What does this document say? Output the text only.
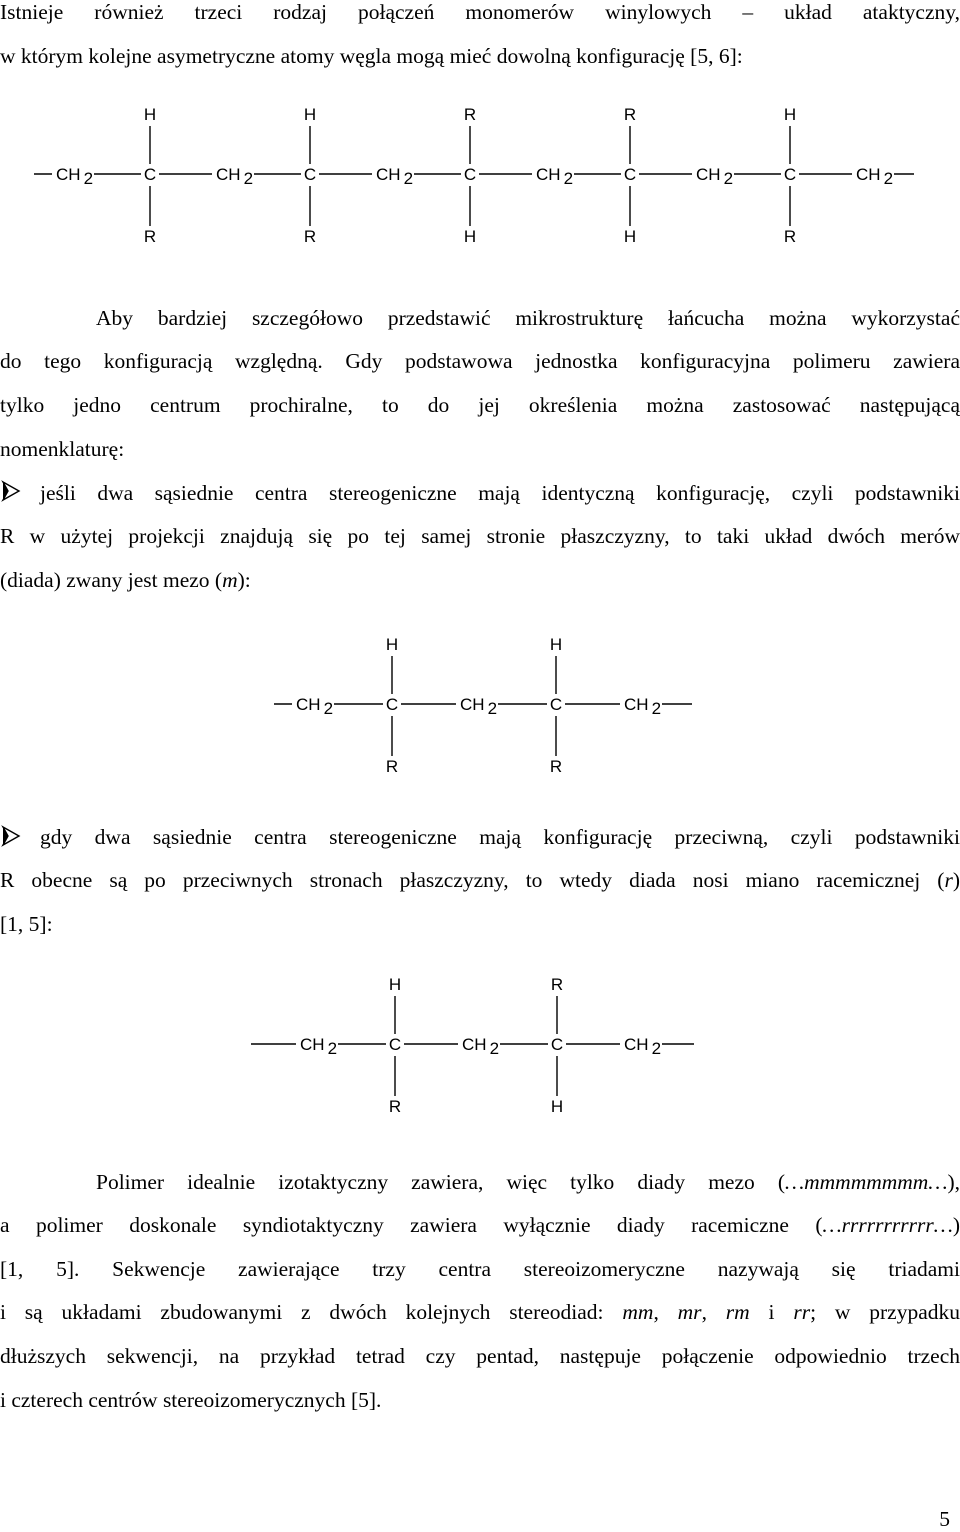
Istnieje również trzeci rodzaj połączeń monomerów winylowych – układ ataktyczny,
w którym kolejne asymetryczne atomy węgla mogą mieć dowolną konfigurację [5, 6]:
CH 2	C
H
R
CH 2	C
H
R
CH 2	C
R
H
CH 2	C
R
H
CH 2	C
H
R
CH 2
Aby bardziej szczegółowo przedstawić mikrostrukturę łańcucha można wykorzystać
do tego konfiguracją względną. Gdy podstawowa jednostka konfiguracyjna polimeru zawiera
tylko jedno centrum prochiralne, to do jej określenia można zastosować następującą
nomenklaturę:
jeśli dwa sąsiednie centra stereogeniczne mają identyczną konfigurację, czyli podstawniki
R w użytej projekcji znajdują się po tej samej stronie płaszczyzny, to taki układ dwóch merów
(diada) zwany jest mezo (m):
CH 2	C
H
R
CH 2	C
H
R
CH 2
gdy dwa sąsiednie centra stereogeniczne mają konfigurację przeciwną, czyli podstawniki
R obecne są po przeciwnych stronach płaszczyzny, to wtedy diada nosi miano racemicznej (r)
[1, 5]:
CH 2	C
H
R
CH 2	C
R
H
CH 2
Polimer idealnie izotaktyczny zawiera, więc tylko diady mezo (…mmmmmmmm…),
a polimer doskonale syndiotaktyczny zawiera wyłącznie diady racemiczne (…rrrrrrrrrrr…)
[1, 5]. Sekwencje zawierające trzy centra stereoizomeryczne nazywają się triadami
i są układami zbudowanymi z dwóch kolejnych stereodiad: mm, mr, rm i rr; w przypadku
dłuższych sekwencji, na przykład tetrad czy pentad, następuje połączenie odpowiednio trzech
i czterech centrów stereoizomerycznych [5].
5
